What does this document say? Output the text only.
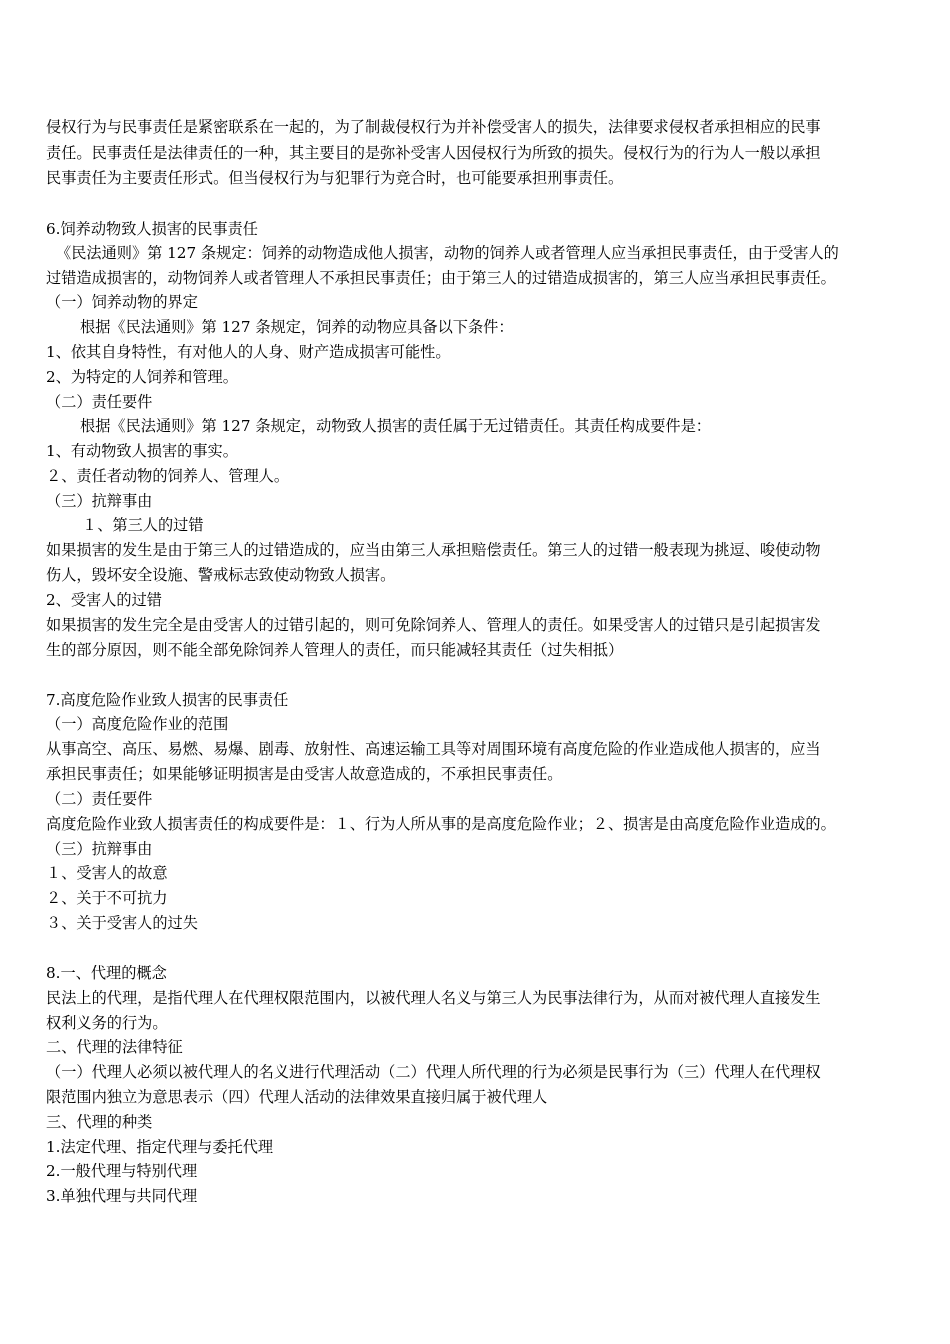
侵权行为与民事责任是紧密联系在一起的，为了制裁侵权行为并补偿受害人的损失，法律要求侵权者承担相应的民事

责任。民事责任是法律责任的一种，其主要目的是弥补受害人因侵权行为所致的损失。侵权行为的行为人一般以承担

民事责任为主要责任形式。但当侵权行为与犯罪行为竞合时，也可能要承担刑事责任。

6.饲养动物致人损害的民事责任

《民法通则》第 127 条规定：饲养的动物造成他人损害，动物的饲养人或者管理人应当承担民事责任，由于受害人的

过错造成损害的，动物饲养人或者管理人不承担民事责任；由于第三人的过错造成损害的，第三人应当承担民事责任。

（一）饲养动物的界定

根据《民法通则》第 127 条规定，饲养的动物应具备以下条件：

1、依其自身特性，有对他人的人身、财产造成损害可能性。

2、为特定的人饲养和管理。

（二）责任要件

根据《民法通则》第 127 条规定，动物致人损害的责任属于无过错责任。其责任构成要件是：

1、有动物致人损害的事实。

２、责任者动物的饲养人、管理人。

（三）抗辩事由

１、第三人的过错

如果损害的发生是由于第三人的过错造成的，应当由第三人承担赔偿责任。第三人的过错一般表现为挑逗、唆使动物

伤人，毁坏安全设施、警戒标志致使动物致人损害。

2、受害人的过错

如果损害的发生完全是由受害人的过错引起的，则可免除饲养人、管理人的责任。如果受害人的过错只是引起损害发

生的部分原因，则不能全部免除饲养人管理人的责任，而只能减轻其责任（过失相抵）

7.高度危险作业致人损害的民事责任

（一）高度危险作业的范围

从事高空、高压、易燃、易爆、剧毒、放射性、高速运输工具等对周围环境有高度危险的作业造成他人损害的，应当

承担民事责任；如果能够证明损害是由受害人故意造成的，不承担民事责任。

（二）责任要件

高度危险作业致人损害责任的构成要件是：１、行为人所从事的是高度危险作业；２、损害是由高度危险作业造成的。

（三）抗辩事由

１、受害人的故意

２、关于不可抗力

３、关于受害人的过失

8.一、代理的概念

民法上的代理，是指代理人在代理权限范围内，以被代理人名义与第三人为民事法律行为，从而对被代理人直接发生

权利义务的行为。

二、代理的法律特征

（一）代理人必须以被代理人的名义进行代理活动（二）代理人所代理的行为必须是民事行为（三）代理人在代理权

限范围内独立为意思表示（四）代理人活动的法律效果直接归属于被代理人

三、代理的种类

1.法定代理、指定代理与委托代理

2.一般代理与特别代理

3.单独代理与共同代理
